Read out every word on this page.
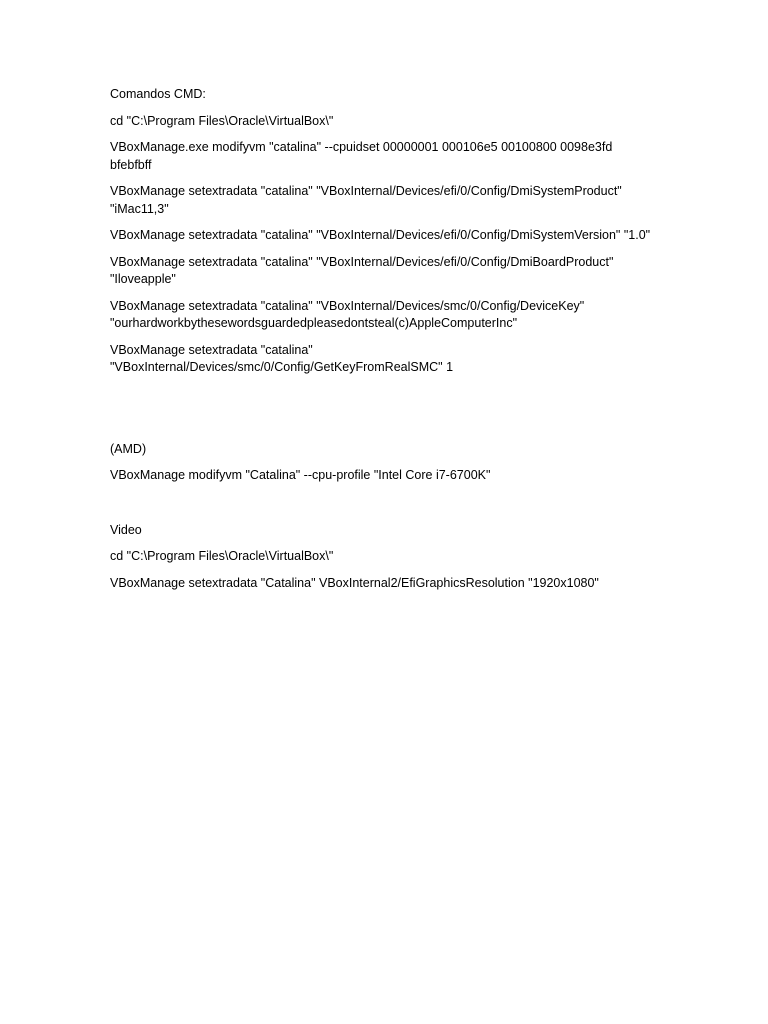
Comandos CMD:

cd "C:\Program Files\Oracle\VirtualBox\"

VBoxManage.exe modifyvm "catalina" --cpuidset 00000001 000106e5 00100800 0098e3fd bfebfbff

VBoxManage setextradata "catalina" "VBoxInternal/Devices/efi/0/Config/DmiSystemProduct" "iMac11,3"

VBoxManage setextradata "catalina" "VBoxInternal/Devices/efi/0/Config/DmiSystemVersion" "1.0"

VBoxManage setextradata "catalina" "VBoxInternal/Devices/efi/0/Config/DmiBoardProduct" "Iloveapple"

VBoxManage setextradata "catalina" "VBoxInternal/Devices/smc/0/Config/DeviceKey" "ourhardworkbythesewordsguardedpleasedontsteal(c)AppleComputerInc"

VBoxManage setextradata "catalina" "VBoxInternal/Devices/smc/0/Config/GetKeyFromRealSMC" 1

(AMD)

VBoxManage modifyvm "Catalina" --cpu-profile "Intel Core i7-6700K"

Video

cd "C:\Program Files\Oracle\VirtualBox\"

VBoxManage setextradata "Catalina" VBoxInternal2/EfiGraphicsResolution "1920x1080"
